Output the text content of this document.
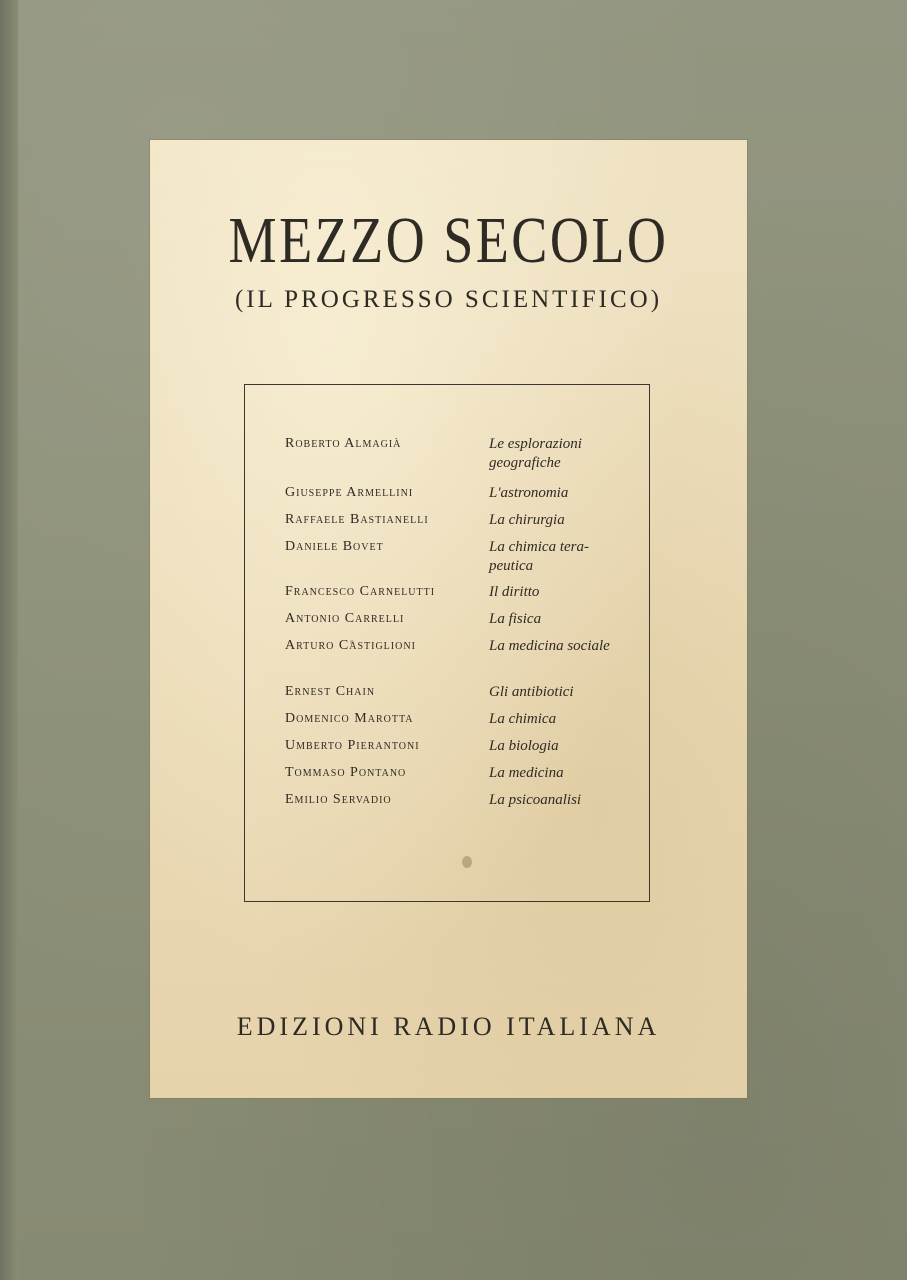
MEZZO SECOLO
(IL PROGRESSO SCIENTIFICO)
Roberto Almagià	Le esplorazioni geografiche
Giuseppe Armellini	L'astronomia
Raffaele Bastianelli	La chirurgia
Daniele Bovet	La chimica tera-peutica
Francesco Carnelutti	Il diritto
Antonio Carrelli	La fisica
Arturo Castiglioni	La medicina sociale
Ernest Chain	Gli antibiotici
Domenico Marotta	La chimica
Umberto Pierantoni	La biologia
Tommaso Pontano	La medicina
Emilio Servadio	La psicoanalisi
EDIZIONI RADIO ITALIANA
